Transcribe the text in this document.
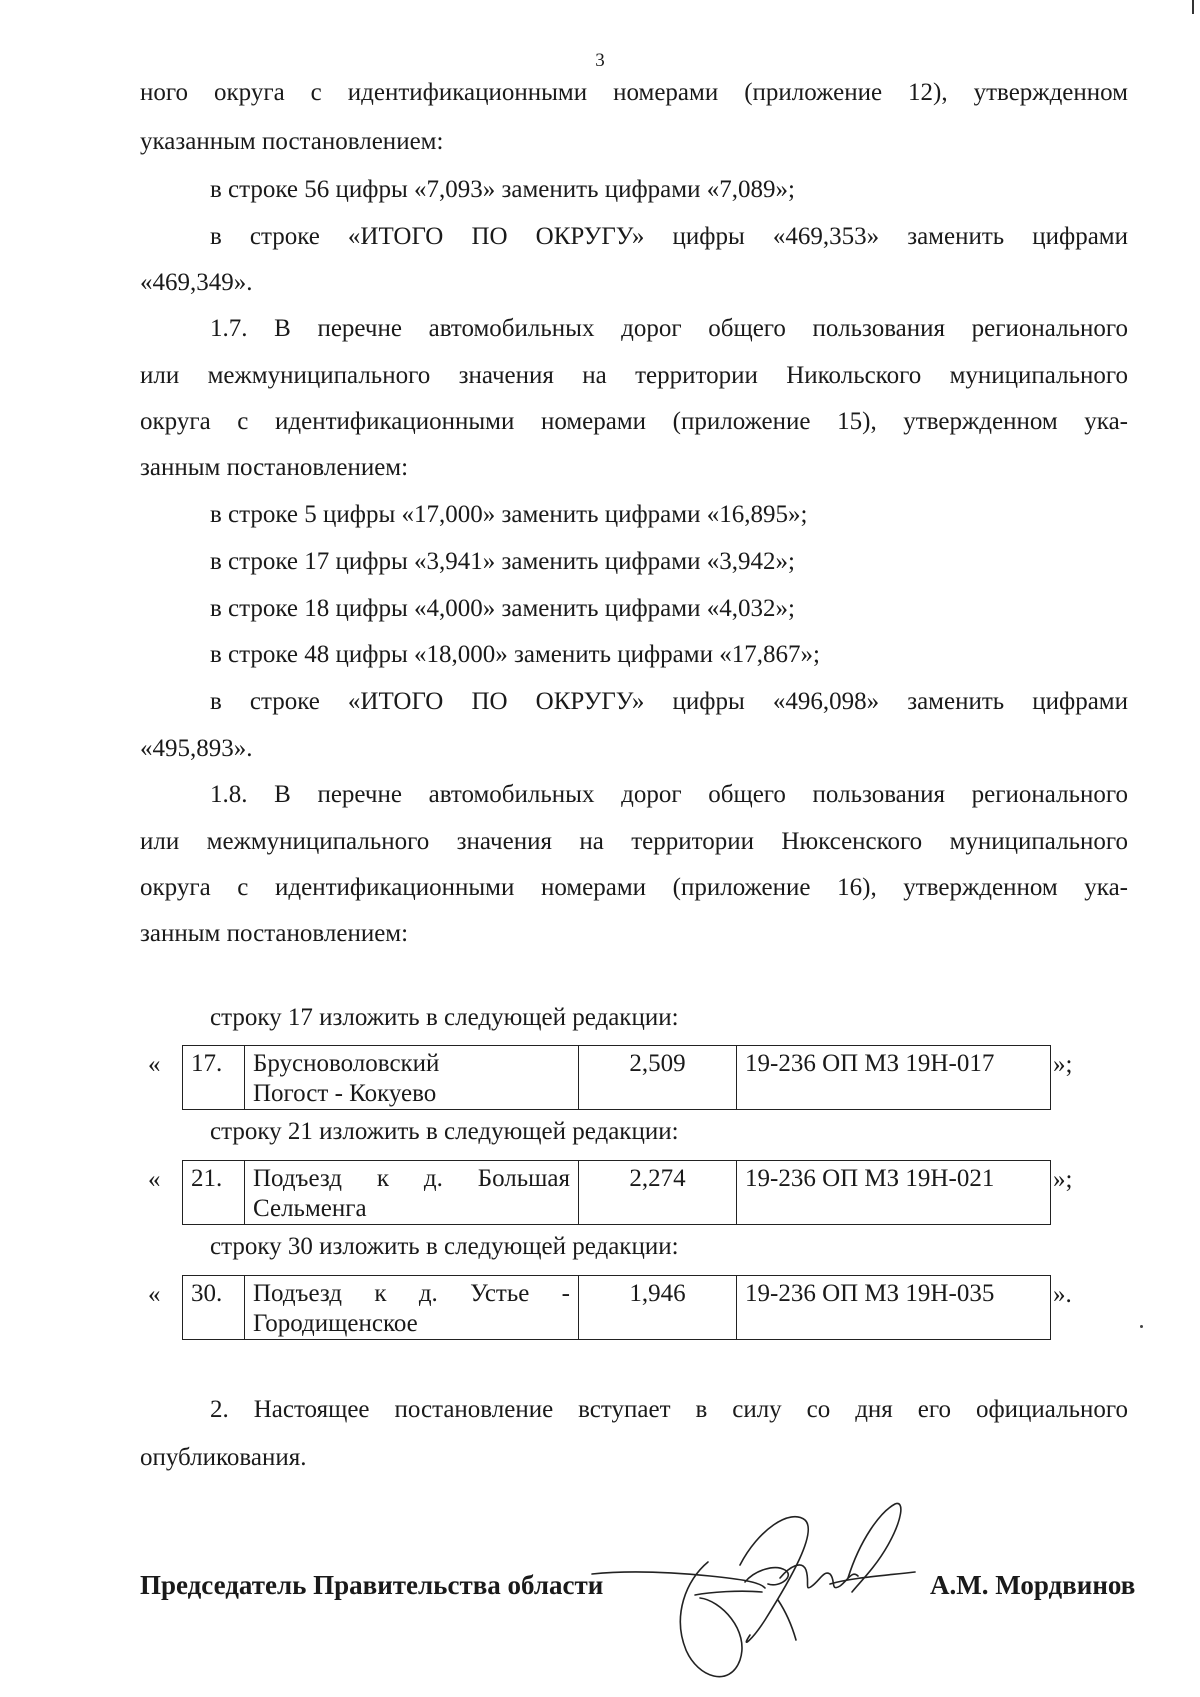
3

ного округа с идентификационными номерами (приложение 12), утвержденном

указанным постановлением:

в строке 56 цифры «7,093» заменить цифрами «7,089»;

в строке «ИТОГО ПО ОКРУГУ» цифры «469,353» заменить цифрами

«469,349».

1.7. В перечне автомобильных дорог общего пользования регионального

или межмуниципального значения на территории Никольского муниципального

округа с идентификационными номерами (приложение 15), утвержденном ука-

занным постановлением:

в строке 5 цифры «17,000» заменить цифрами «16,895»;

в строке 17 цифры «3,941» заменить цифрами «3,942»;

в строке 18 цифры «4,000» заменить цифрами «4,032»;

в строке 48 цифры «18,000» заменить цифрами «17,867»;

в строке «ИТОГО ПО ОКРУГУ» цифры «496,098» заменить цифрами

«495,893».

1.8. В перечне автомобильных дорог общего пользования регионального

или межмуниципального значения на территории Нюксенского муниципального

округа с идентификационными номерами (приложение 16), утвержденном ука-

занным постановлением:

строку 17 изложить в следующей редакции:

« 17.	Брусноволовский
Погост - Кокуево
	2,509	19-236 ОП МЗ 19Н-017 »;

строку 21 изложить в следующей редакции:

« 21.	Подъезд к д. Большая
Сельменга
	2,274	19-236 ОП МЗ 19Н-021 »;

строку 30 изложить в следующей редакции:

« 30.	Подъезд к д. Устье -
Городищенское
	1,946	19-236 ОП МЗ 19Н-035 ».

2. Настоящее постановление вступает в силу со дня его официального

опубликования.

Председатель Правительства области	А.М. Мордвинов
